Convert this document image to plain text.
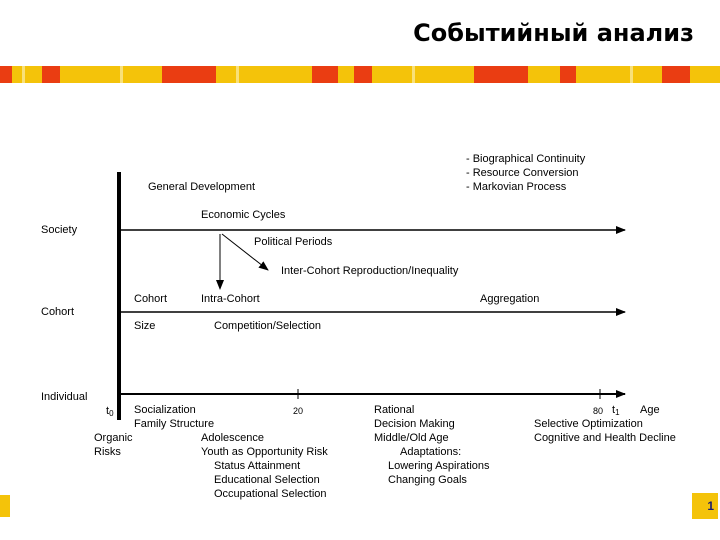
Событийный анализ
- Biographical Continuity
- Resource Conversion
- Markovian Process
Society
Cohort
Individual
General Development
Economic Cycles
Political Periods
Inter-Cohort Reproduction/Inequality
Cohort	Intra-Cohort	Aggregation
Size	Competition/Selection
$t_0$	20	80 $t_1$ Age
Socialization
Family Structure
Organic
Risks
Adolescence
Youth as Opportunity Risk
Status Attainment
Educational Selection
Occupational Selection
Rational
Decision Making
Middle/Old Age
Adaptations:
Lowering Aspirations
Changing Goals
Selective Optimization
Cognitive and Health Decline
1
